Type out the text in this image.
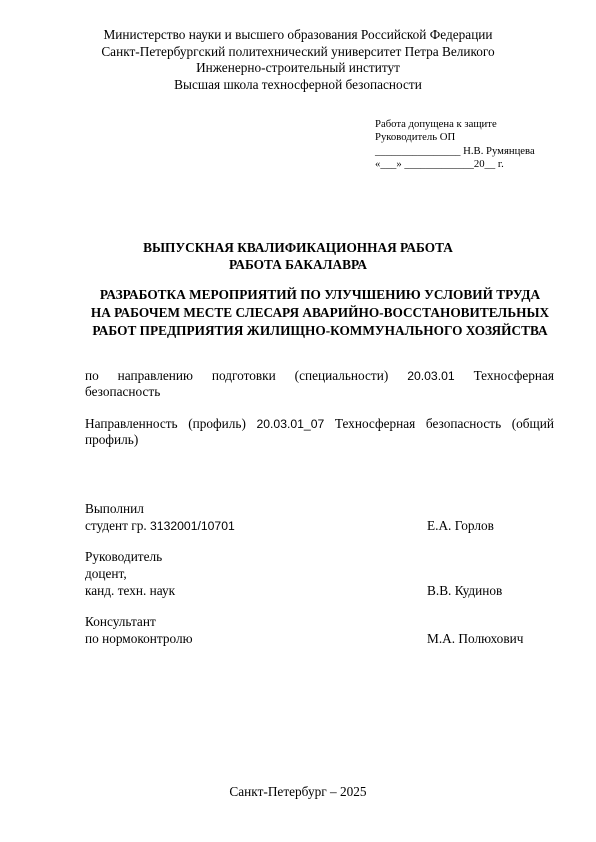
Министерство науки и высшего образования Российской Федерации
Санкт-Петербургский политехнический университет Петра Великого
Инженерно-строительный институт
Высшая школа техносферной безопасности
Работа допущена к защите
Руководитель ОП
________________ Н.В. Румянцева
«___» _____________20__ г.
ВЫПУСКНАЯ КВАЛИФИКАЦИОННАЯ РАБОТА
РАБОТА БАКАЛАВРА
РАЗРАБОТКА МЕРОПРИЯТИЙ ПО УЛУЧШЕНИЮ УСЛОВИЙ ТРУДА НА РАБОЧЕМ МЕСТЕ СЛЕСАРЯ АВАРИЙНО-ВОССТАНОВИТЕЛЬНЫХ РАБОТ ПРЕДПРИЯТИЯ ЖИЛИЩНО-КОММУНАЛЬНОГО ХОЗЯЙСТВА
по направлению подготовки (специальности) 20.03.01 Техносферная безопасность
Направленность (профиль) 20.03.01_07 Техносферная безопасность (общий профиль)
Выполнил
студент гр. 3132001/10701	Е.А. Горлов
Руководитель
доцент,
канд. техн. наук	В.В. Кудинов
Консультант
по нормоконтролю	М.А. Полюхович
Санкт-Петербург – 2025
